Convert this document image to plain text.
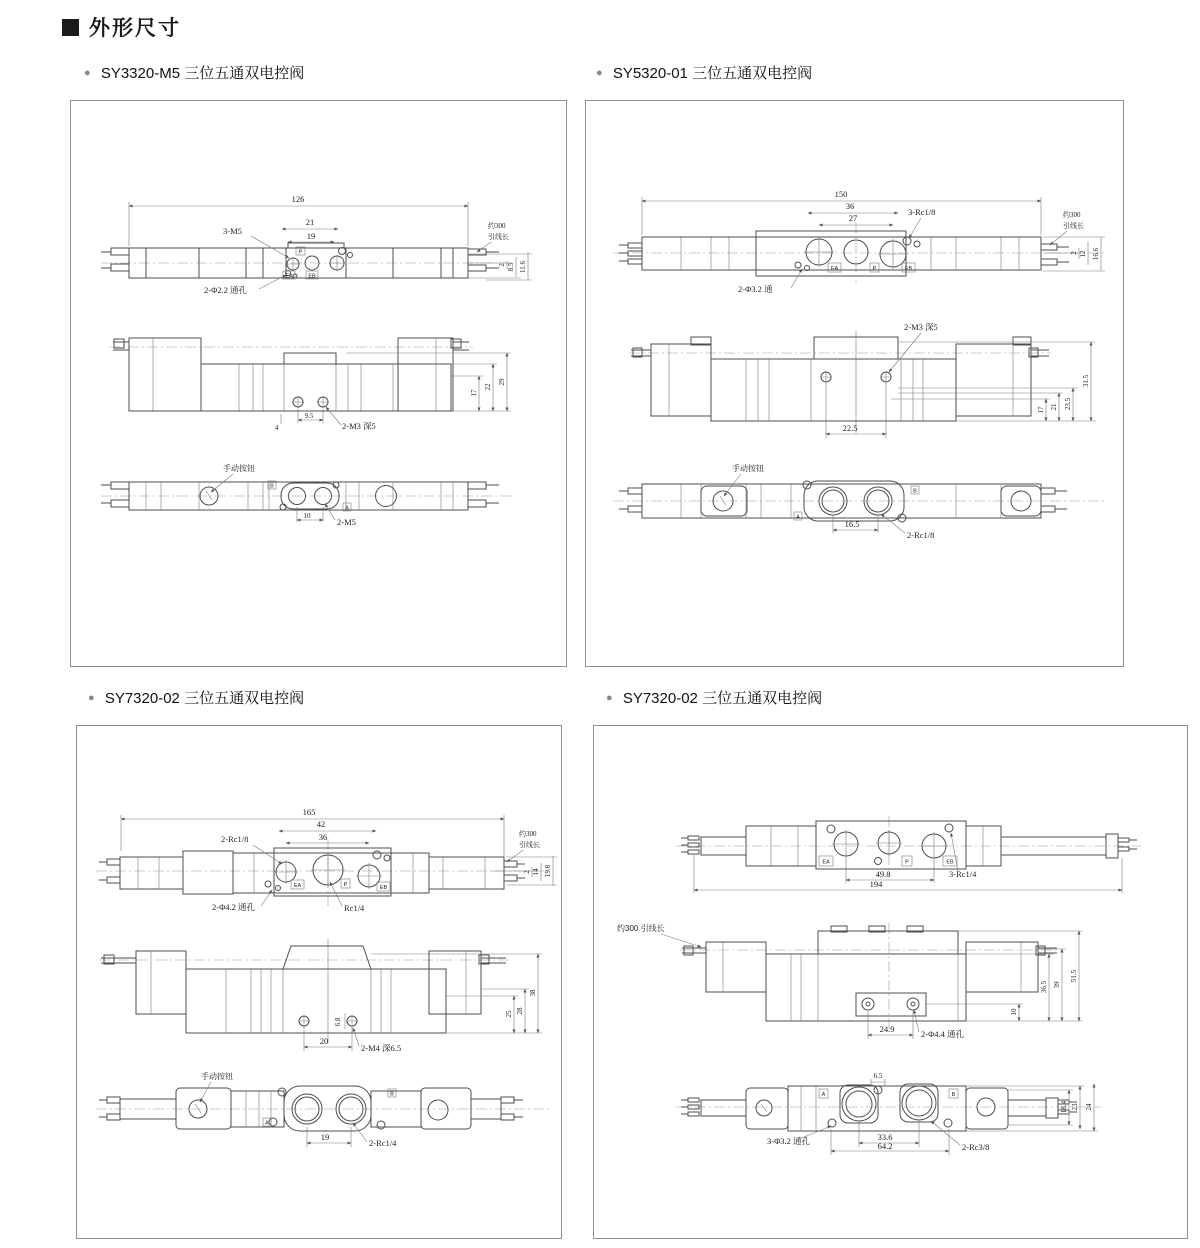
外形尺寸
● SY3320-M5 三位五通双电控阀	● SY5320-01 三位五通双电控阀
● SY7320-02 三位五通双电控阀	● SY7320-02 三位五通双电控阀
P
EA	EB
126
21
19
3-M5
2-Φ2.2 通孔
约300
引线长
2 8.5 11.6
2-M3 深5
4
9.5
17
22
29
B
A
手动按钮
10
2-M5
EA	P	EB
150
36
27
3-Rc1/8
2-Φ3.2 通
约300
引线长
2 12 16.6
2-M3 深5
22.5
17 21 23.5
31.5
A
B
手动按钮
16.5
2-Rc1/8
EA	P	EB
165
42
36
2-Rc1/8
2-Φ4.2 通孔	Rc1/4
约300
引线长
2 14 19.8
6.8
20
2-M4 深6.5
25 28
38
A
B
手动按钮
19
2-Rc1/4
EA	P	EB
49.8
194
3-Rc1/4
约300 引线长
24.9	2-Φ4.4 通孔
10
36.5 39
51.5
A	B
6.5
3-Φ3.2 通孔	33.6
64.2	2-Rc3/8
18.4 23 24
